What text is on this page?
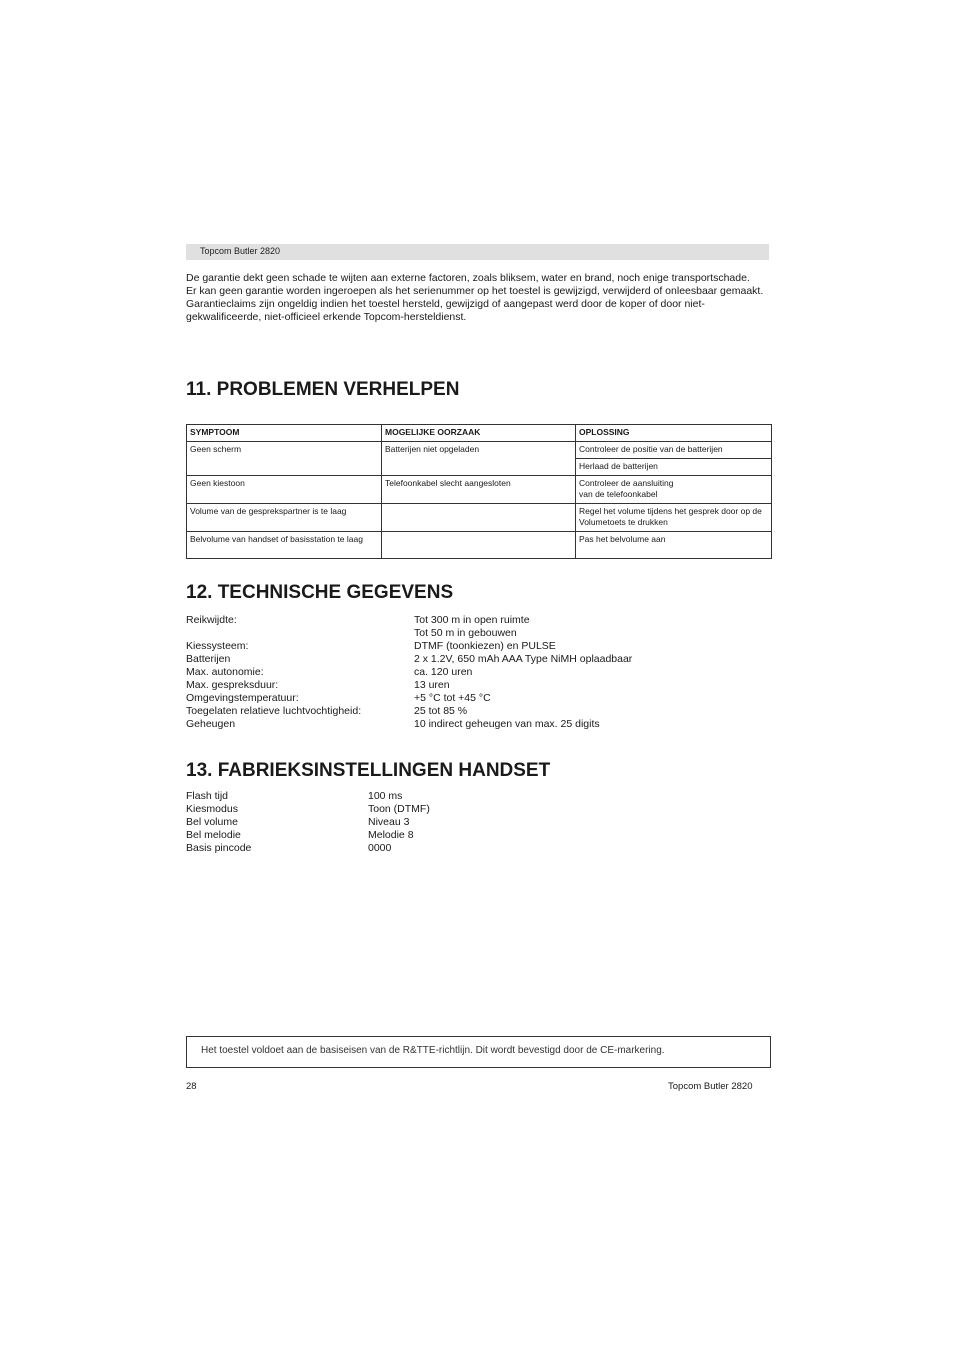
Topcom Butler 2820

De garantie dekt geen schade te wijten aan externe factoren, zoals bliksem, water en brand, noch enige transportschade.

Er kan geen garantie worden ingeroepen als het serienummer op het toestel is gewijzigd, verwijderd of onleesbaar gemaakt.

Garantieclaims zijn ongeldig indien het toestel hersteld, gewijzigd of aangepast werd door de koper of door niet-gekwalificeerde, niet-officieel erkende Topcom-hersteldienst.

11. PROBLEMEN VERHELPEN
SYMPTOOM	MOGELIJKE OORZAAK	OPLOSSING
Geen scherm	Batterijen niet opgeladen	Controleer de positie van de batterijen
		Herlaad de batterijen
Geen kiestoon	Telefoonkabel slecht aangesloten	Controleer de aansluiting
van de telefoonkabel

Volume van de gesprekspartner is te laag		Regel het volume tijdens het gesprek door op de Volumetoets te drukken
Belvolume van handset of basisstation te laag		Pas het belvolume aan
12. TECHNISCHE GEGEVENS
Reikwijdte:	Tot 300 m in open ruimte
Tot 50 m in gebouwen
Kiessysteem:	DTMF (toonkiezen) en PULSE
Batterijen	2 x 1.2V, 650 mAh AAA Type NiMH oplaadbaar
Max. autonomie:	ca. 120 uren
Max. gespreksduur:	13 uren
Omgevingstemperatuur:	+5 °C tot +45 °C
Toegelaten relatieve luchtvochtigheid:	25 tot 85 %
Geheugen	10 indirect geheugen van max. 25 digits
13. FABRIEKSINSTELLINGEN HANDSET
Flash tijd	100 ms
Kiesmodus	Toon (DTMF)
Bel volume	Niveau 3
Bel melodie	Melodie 8
Basis pincode	0000
Het toestel voldoet aan de basiseisen van de R&TTE-richtlijn. Dit wordt bevestigd door de CE-markering.
28	Topcom Butler 2820
